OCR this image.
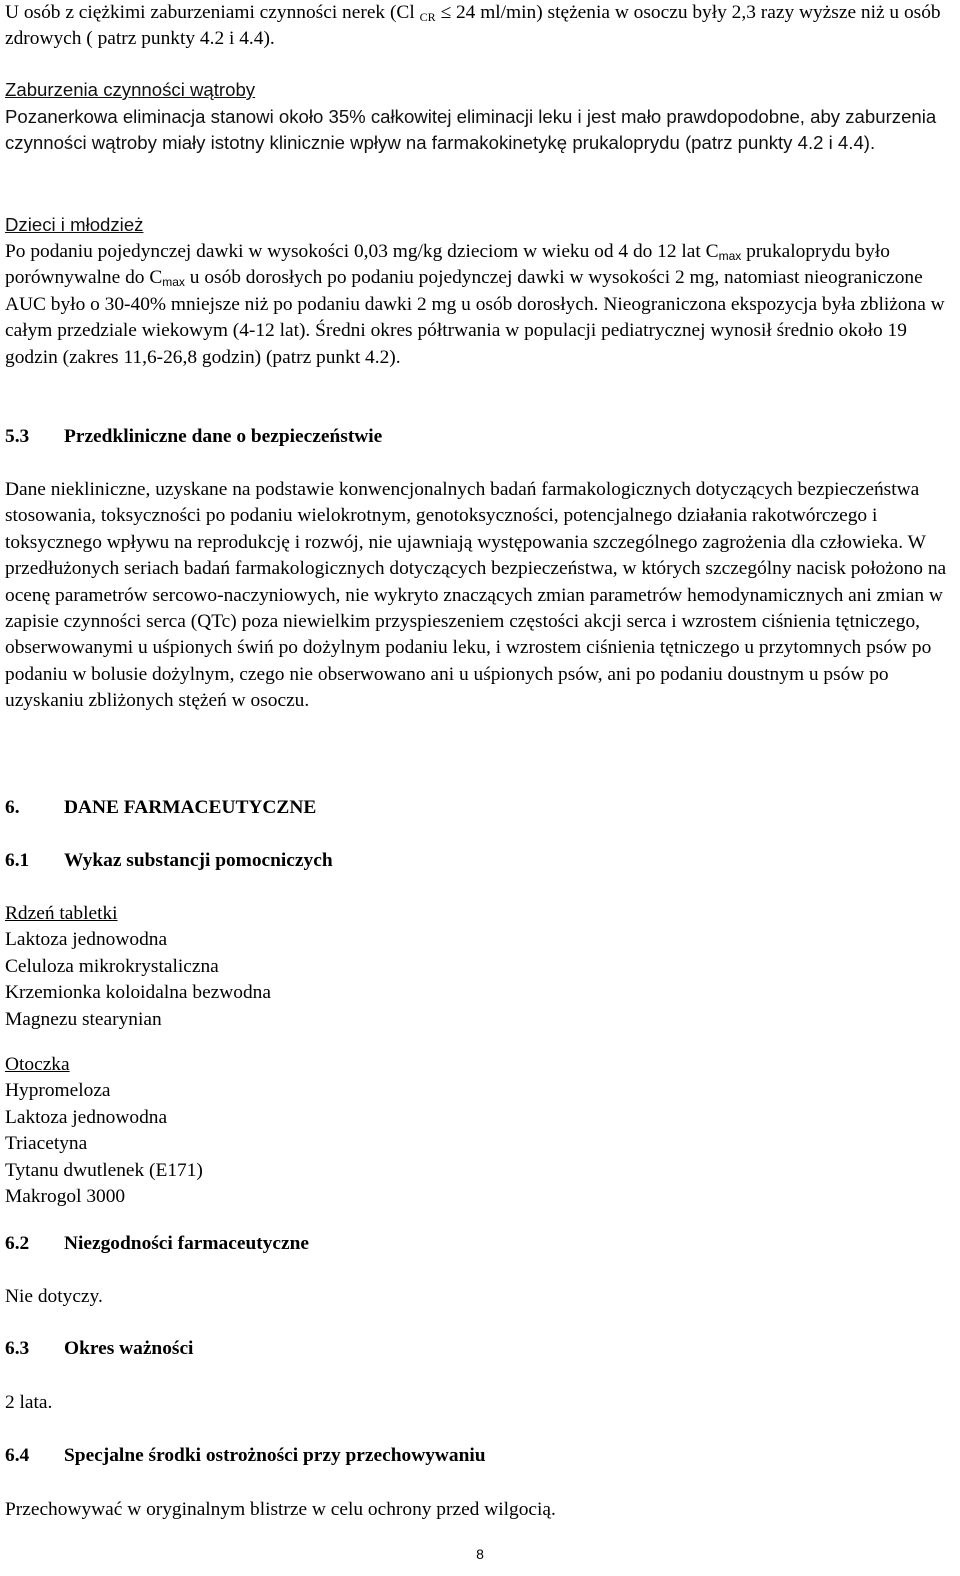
U osób z ciężkimi zaburzeniami czynności nerek (Cl $_{CR}$ ≤ 24 ml/min) stężenia w osoczu były 2,3 razy wyższe niż u osób zdrowych ( patrz punkty 4.2 i 4.4).

Zaburzenia czynności wątroby

Pozanerkowa eliminacja stanowi około 35% całkowitej eliminacji leku i jest mało prawdopodobne, aby zaburzenia czynności wątroby miały istotny klinicznie wpływ na farmakokinetykę prukaloprydu (patrz punkty 4.2 i 4.4).

Dzieci i młodzież

Po podaniu pojedynczej dawki w wysokości 0,03 mg/kg dzieciom w wieku od 4 do 12 lat Cmax prukaloprydu było porównywalne do Cmax u osób dorosłych po podaniu pojedynczej dawki w wysokości 2 mg, natomiast nieograniczone AUC było o 30-40% mniejsze niż po podaniu dawki 2 mg u osób dorosłych. Nieograniczona ekspozycja była zbliżona w całym przedziale wiekowym (4-12 lat). Średni okres półtrwania w populacji pediatrycznej wynosił średnio około 19 godzin (zakres 11,6-26,8 godzin) (patrz punkt 4.2).

5.3	Przedkliniczne dane o bezpieczeństwie

Dane niekliniczne, uzyskane na podstawie konwencjonalnych badań farmakologicznych dotyczących bezpieczeństwa stosowania, toksyczności po podaniu wielokrotnym, genotoksyczności, potencjalnego działania rakotwórczego i toksycznego wpływu na reprodukcję i rozwój, nie ujawniają występowania szczególnego zagrożenia dla człowieka. W przedłużonych seriach badań farmakologicznych dotyczących bezpieczeństwa, w których szczególny nacisk położono na ocenę parametrów sercowo-naczyniowych, nie wykryto znaczących zmian parametrów hemodynamicznych ani zmian w zapisie czynności serca (QTc) poza niewielkim przyspieszeniem częstości akcji serca i wzrostem ciśnienia tętniczego, obserwowanymi u uśpionych świń po dożylnym podaniu leku, i wzrostem ciśnienia tętniczego u przytomnych psów po podaniu w bolusie dożylnym, czego nie obserwowano ani u uśpionych psów, ani po podaniu doustnym u psów po uzyskaniu zbliżonych stężeń w osoczu.

6.	DANE FARMACEUTYCZNE

6.1	Wykaz substancji pomocniczych

Rdzeń tabletki

Laktoza jednowodna

Celuloza mikrokrystaliczna

Krzemionka koloidalna bezwodna

Magnezu stearynian

Otoczka

Hypromeloza

Laktoza jednowodna

Triacetyna

Tytanu dwutlenek (E171)

Makrogol 3000

6.2	Niezgodności farmaceutyczne

Nie dotyczy.

6.3	Okres ważności

2 lata.

6.4	Specjalne środki ostrożności przy przechowywaniu

Przechowywać w oryginalnym blistrze w celu ochrony przed wilgocią.

8
